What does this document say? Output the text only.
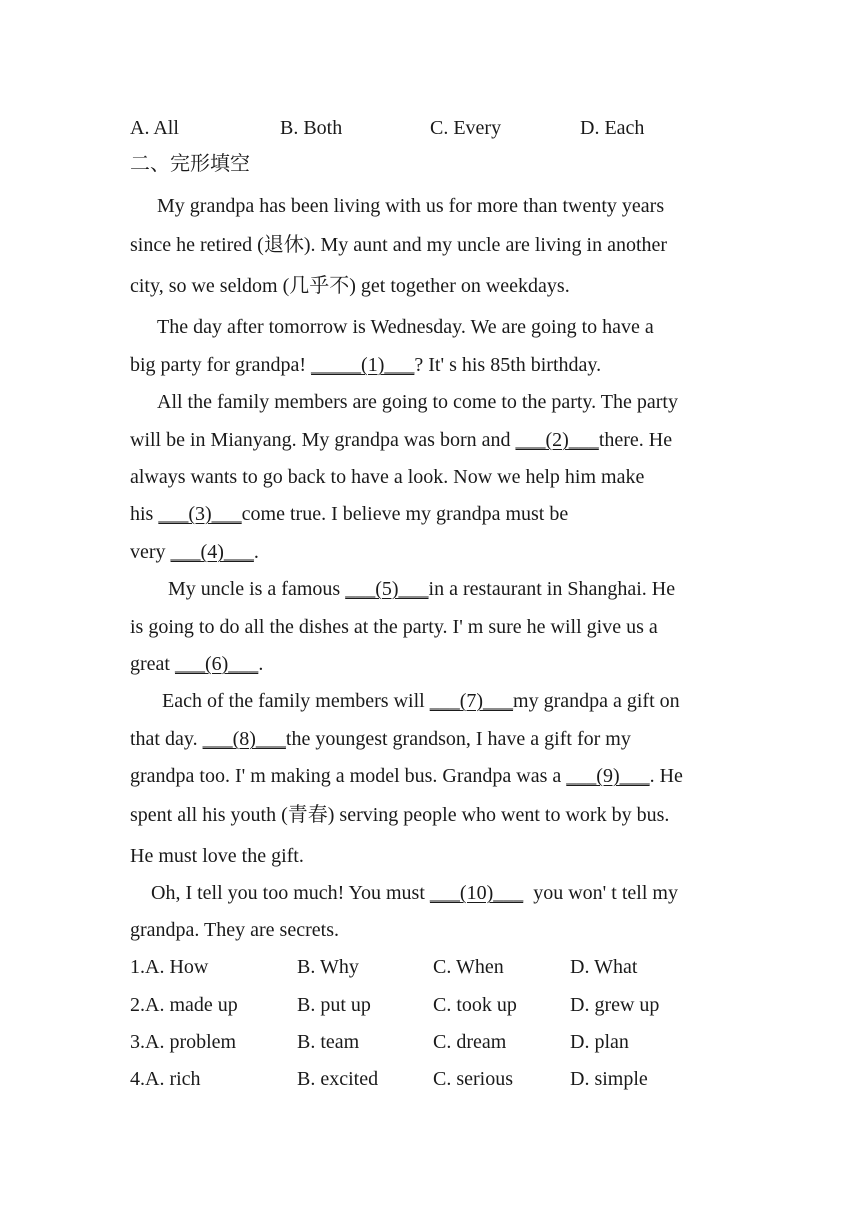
A. All	B. Both	C. Every	D. Each
二、完形填空
My grandpa has been living with us for more than twenty years
since he retired (退休). My aunt and my uncle are living in another
city, so we seldom (几乎不) get together on weekdays.
The day after tomorrow is Wednesday. We are going to have a
big party for grandpa! _____(1)___? It' s his 85th birthday.
All the family members are going to come to the party. The party
will be in Mianyang. My grandpa was born and ___(2)___there. He
always wants to go back to have a look. Now we help him make
his ___(3)___come true. I believe my grandpa must be
very ___(4)___.
My uncle is a famous ___(5)___in a restaurant in Shanghai. He
is going to do all the dishes at the party. I' m sure he will give us a
great ___(6)___.
Each of the family members will ___(7)___my grandpa a gift on
that day. ___(8)___the youngest grandson, I have a gift for my
grandpa too. I' m making a model bus. Grandpa was a ___(9)___. He
spent all his youth (青春) serving people who went to work by bus.
He must love the gift.
Oh, I tell you too much! You must ___(10)___  you won' t tell my
grandpa. They are secrets.
1.A. How	B. Why	C. When	D. What
2.A. made up	B. put up	C. took up	D. grew up
3.A. problem	B. team	C. dream	D. plan
4.A. rich	B. excited	C. serious	D. simple
